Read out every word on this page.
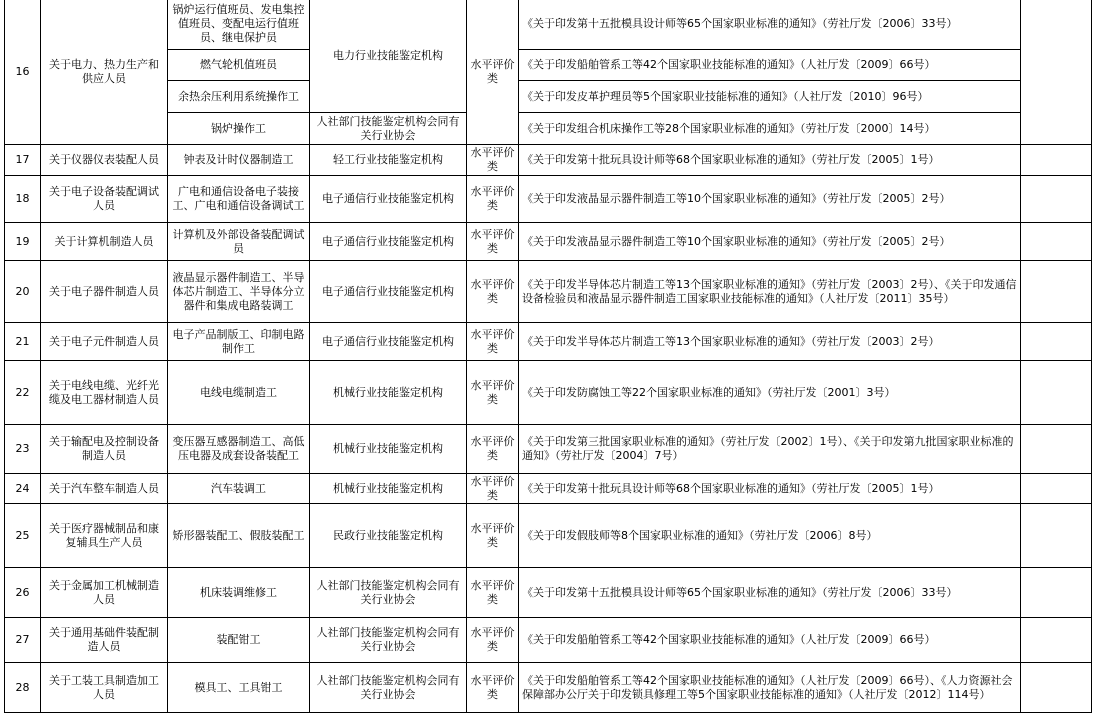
16	关于电力、热力生产和供应人员	锅炉运行值班员、发电集控值班员、变配电运行值班员、继电保护员	电力行业技能鉴定机构	水平评价类	《关于印发第十五批模具设计师等65个国家职业标准的通知》（劳社厅发〔2006〕33号）	
		燃气轮机值班员			《关于印发船舶管系工等42个国家职业技能标准的通知》（人社厅发〔2009〕66号）	
		余热余压利用系统操作工			《关于印发皮革护理员等5个国家职业技能标准的通知》（人社厅发〔2010〕96号）	
		锅炉操作工	人社部门技能鉴定机构会同有关行业协会		《关于印发组合机床操作工等28个国家职业标准的通知》（劳社厅发〔2000〕14号）	
17	关于仪器仪表装配人员	钟表及计时仪器制造工	轻工行业技能鉴定机构	水平评价类	《关于印发第十批玩具设计师等68个国家职业标准的通知》（劳社厅发〔2005〕1号）	
18	关于电子设备装配调试人员	广电和通信设备电子装接工、广电和通信设备调试工	电子通信行业技能鉴定机构	水平评价类	《关于印发液晶显示器件制造工等10个国家职业标准的通知》（劳社厅发〔2005〕2号）	
19	关于计算机制造人员	计算机及外部设备装配调试员	电子通信行业技能鉴定机构	水平评价类	《关于印发液晶显示器件制造工等10个国家职业标准的通知》（劳社厅发〔2005〕2号）	
20	关于电子器件制造人员	液晶显示器件制造工、半导体芯片制造工、半导体分立器件和集成电路装调工	电子通信行业技能鉴定机构	水平评价类	《关于印发半导体芯片制造工等13个国家职业标准的通知》（劳社厅发〔2003〕2号）、《关于印发通信设备检验员和液晶显示器件制造工国家职业技能标准的通知》（人社厅发〔2011〕35号）	
21	关于电子元件制造人员	电子产品制版工、印制电路制作工	电子通信行业技能鉴定机构	水平评价类	《关于印发半导体芯片制造工等13个国家职业标准的通知》（劳社厅发〔2003〕2号）	
22	关于电线电缆、光纤光缆及电工器材制造人员	电线电缆制造工	机械行业技能鉴定机构	水平评价类	《关于印发防腐蚀工等22个国家职业标准的通知》（劳社厅发〔2001〕3号）	
23	关于输配电及控制设备制造人员	变压器互感器制造工、高低压电器及成套设备装配工	机械行业技能鉴定机构	水平评价类	《关于印发第三批国家职业标准的通知》（劳社厅发〔2002〕1号）、《关于印发第九批国家职业标准的通知》（劳社厅发〔2004〕7号）	
24	关于汽车整车制造人员	汽车装调工	机械行业技能鉴定机构	水平评价类	《关于印发第十批玩具设计师等68个国家职业标准的通知》（劳社厅发〔2005〕1号）	
25	关于医疗器械制品和康复辅具生产人员	矫形器装配工、假肢装配工	民政行业技能鉴定机构	水平评价类	《关于印发假肢师等8个国家职业标准的通知》（劳社厅发〔2006〕8号）	
26	关于金属加工机械制造人员	机床装调维修工	人社部门技能鉴定机构会同有关行业协会	水平评价类	《关于印发第十五批模具设计师等65个国家职业标准的通知》（劳社厅发〔2006〕33号）	
27	关于通用基础件装配制造人员	装配钳工	人社部门技能鉴定机构会同有关行业协会	水平评价类	《关于印发船舶管系工等42个国家职业技能标准的通知》（人社厅发〔2009〕66号）	
28	关于工装工具制造加工人员	模具工、工具钳工	人社部门技能鉴定机构会同有关行业协会	水平评价类	《关于印发船舶管系工等42个国家职业技能标准的通知》（人社厅发〔2009〕66号）、《人力资源社会保障部办公厅关于印发锁具修理工等5个国家职业技能标准的通知》（人社厅发〔2012〕114号）	
